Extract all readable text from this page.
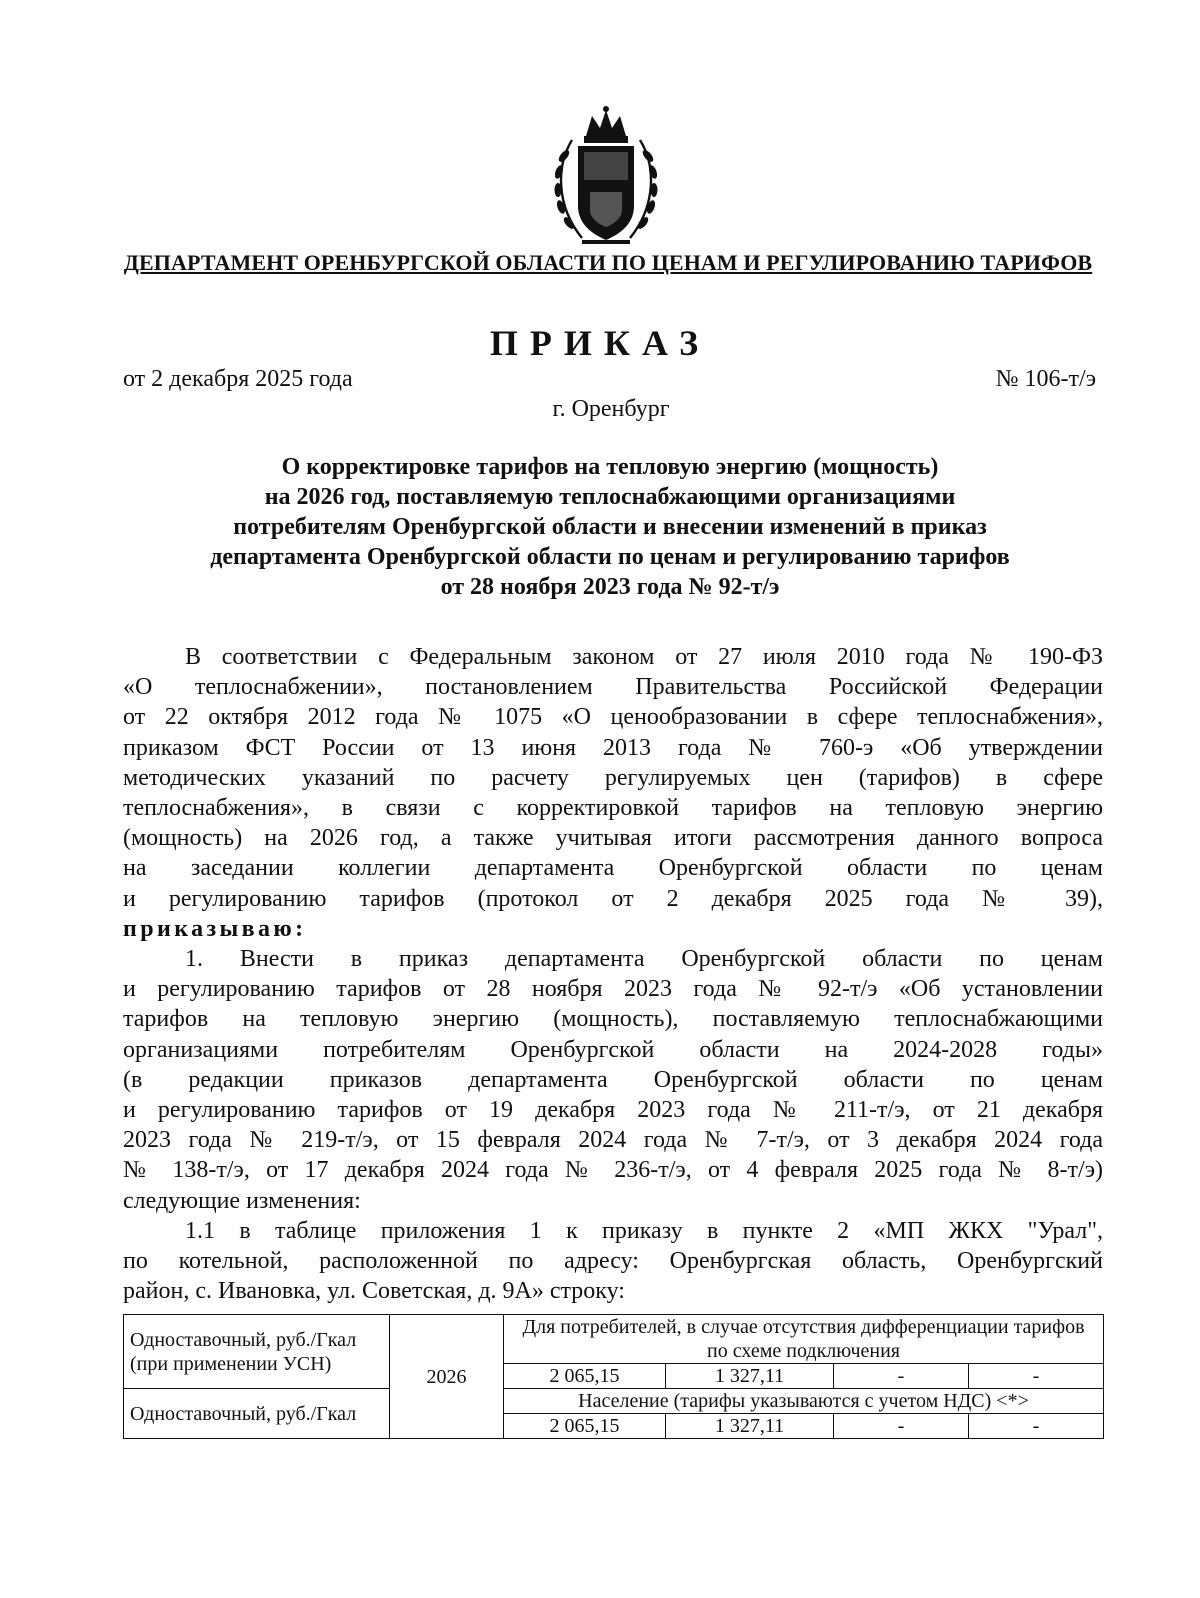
ДЕПАРТАМЕНТ ОРЕНБУРГСКОЙ ОБЛАСТИ ПО ЦЕНАМ И РЕГУЛИРОВАНИЮ ТАРИФОВ
ПРИКАЗ
от 2 декабря 2025 года	№ 106-т/э
г. Оренбург
О корректировке тарифов на тепловую энергию (мощность)
на 2026 год, поставляемую теплоснабжающими организациями
потребителям Оренбургской области и внесении изменений в приказ
департамента Оренбургской области по ценам и регулированию тарифов
от 28 ноября 2023 года № 92-т/э

В соответствии с Федеральным законом от 27 июля 2010 года № 190-ФЗ

«О теплоснабжении», постановлением Правительства Российской Федерации

от 22 октября 2012 года № 1075 «О ценообразовании в сфере теплоснабжения»,

приказом ФСТ России от 13 июня 2013 года № 760-э «Об утверждении

методических указаний по расчету регулируемых цен (тарифов) в сфере

теплоснабжения», в связи с корректировкой тарифов на тепловую энергию

(мощность) на 2026 год, а также учитывая итоги рассмотрения данного вопроса

на заседании коллегии департамента Оренбургской области по ценам

и регулированию тарифов (протокол от 2 декабря 2025 года № 39),

приказываю:

1. Внести в приказ департамента Оренбургской области по ценам

и регулированию тарифов от 28 ноября 2023 года № 92-т/э «Об установлении

тарифов на тепловую энергию (мощность), поставляемую теплоснабжающими

организациями потребителям Оренбургской области на 2024-2028 годы»

(в редакции приказов департамента Оренбургской области по ценам

и регулированию тарифов от 19 декабря 2023 года № 211-т/э, от 21 декабря

2023 года № 219-т/э, от 15 февраля 2024 года № 7-т/э, от 3 декабря 2024 года

№ 138-т/э, от 17 декабря 2024 года № 236-т/э, от 4 февраля 2025 года № 8-т/э)

следующие изменения:

1.1 в таблице приложения 1 к приказу в пункте 2 «МП ЖКХ "Урал",

по котельной, расположенной по адресу: Оренбургская область, Оренбургский

район, с. Ивановка, ул. Советская, д. 9А» строку:

Одноставочный, руб./Гкал (при применении УСН)	2026	Для потребителей, в случае отсутствия дифференциации тарифов по схеме подключения			
		2 065,15	1 327,11	-	-
Одноставочный, руб./Гкал		Население (тарифы указываются с учетом НДС) <*>			
		2 065,15	1 327,11	-	-
